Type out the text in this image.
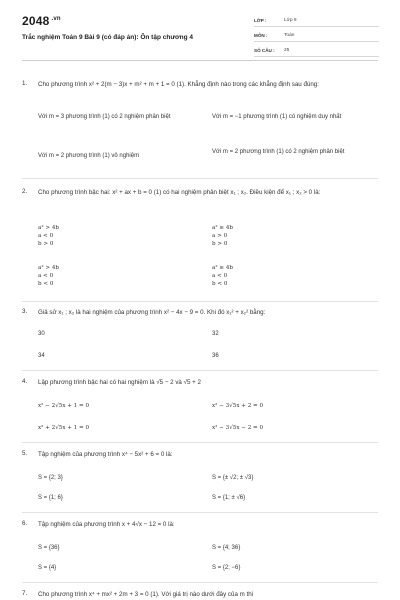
2048 $^{.vn}$
Trắc nghiệm Toán 9 Bài 9 (có đáp án): Ôn tập chương 4
LỚP :	Lớp 9
MÔN :	Toán
SỐ CÂU :	25
1. Cho phương trình x² + 2(m − 3)x + m² + m + 1 = 0 (1). Khẳng định nào trong các khẳng định sau đúng:
Với m = 3 phương trình (1) có 2 nghiệm phân biệt	Với m = −1 phương trình (1) có nghiệm duy nhất
Với m = 2 phương trình (1) vô nghiệm
Với m = 2 phương trình (1) có 2 nghiệm phân biệt
2. Cho phương trình bậc hai: x² + ax + b = 0 (1) có hai nghiệm phân biệt x₁ ; x₂. Điều kiện để x₁ ; x₂ > 0 là:
a² > 4b
a < 0
b > 0
a² ≥ 4b
a > 0
b > 0
a² > 4b
a < 0
b < 0
a² ≥ 4b
a < 0
b < 0
3. Giả sử x₁ ; x₂ là hai nghiệm của phương trình x² − 4x − 9 = 0. Khi đó x₁² + x₂² bằng:
30	32
34	36
4. Lập phương trình bậc hai có hai nghiệm là √5 − 2 và √5 + 2
x² − 2√5x + 1 = 0	x² − 3√5x + 2 = 0
x² + 2√5x + 1 = 0	x² − 3√5x − 2 = 0
5. Tập nghiệm của phương trình x⁴ − 5x² + 6 = 0 là:
S = {2; 3}	S = {± √2; ± √3}
S = {1; 6}	S = {1; ± √6}
6. Tập nghiệm của phương trình x + 4√x − 12 = 0 là:
S = {36}	S = {4; 36}
S = {4}	S = {2; −6}
7. Cho phương trình x⁴ + mx² + 2m + 3 = 0 (1). Với giá trị nào dưới đây của m thì
